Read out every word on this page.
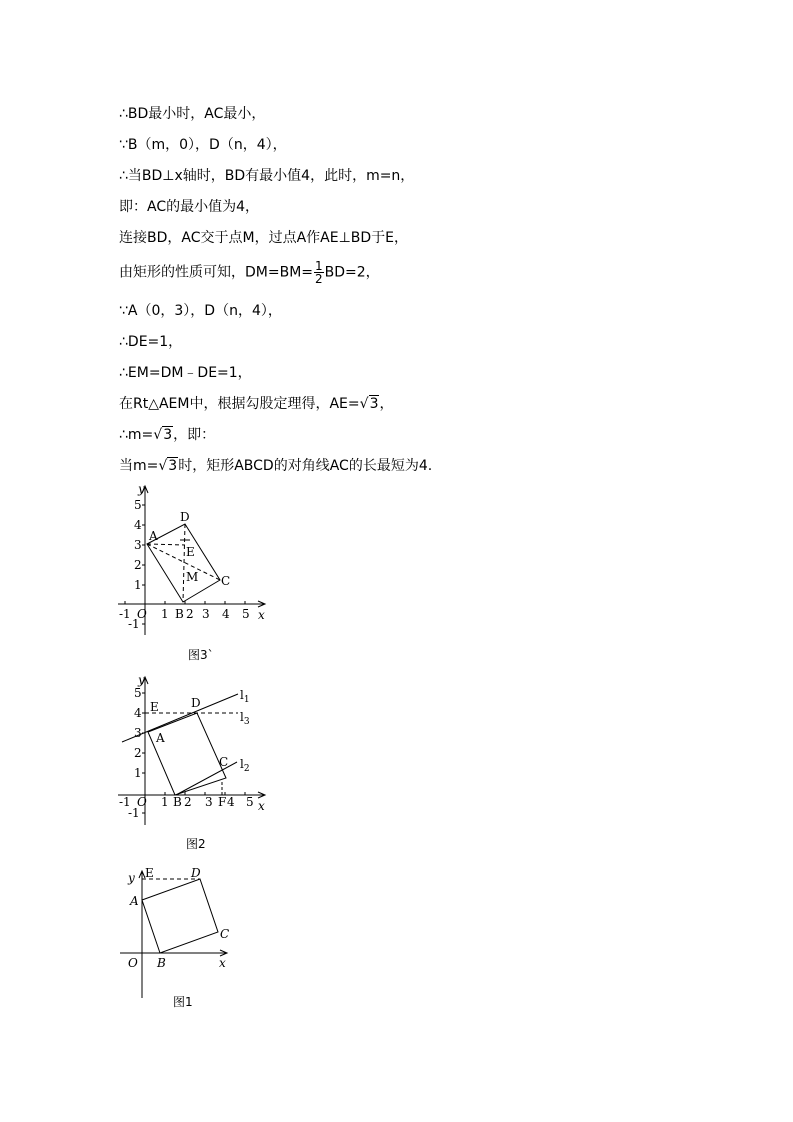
∴BD最小时，AC最小，
∵B（m，0），D（n，4），
∴当BD⊥x轴时，BD有最小值4，此时，m=n，
即：AC的最小值为4，
连接BD，AC交于点M，过点A作AE⊥BD于E，
由矩形的性质可知，$DM=BM= \frac{1}{2} BD=2$，
∵A（0，3），D（n，4），
∴DE=1，
∴EM=DM﹣DE=1，
在Rt△AEM中，根据勾股定理得，AE=√3，
∴m=√3，即：
当m=√3时，矩形ABCD的对角线AC的长最短为4.
y
x
5
4
3
2
1
-1
-1	1 2 3 4 5
O
A
D
E
M C
B
图3`
y
x
5
4
3
2
1
-1
-1	1 2 3 4 5
O
E	D
A
C
B	F
$l_1$
$l_3$
$l_2$
图2
y E	D
A
C
O B	x
图1
